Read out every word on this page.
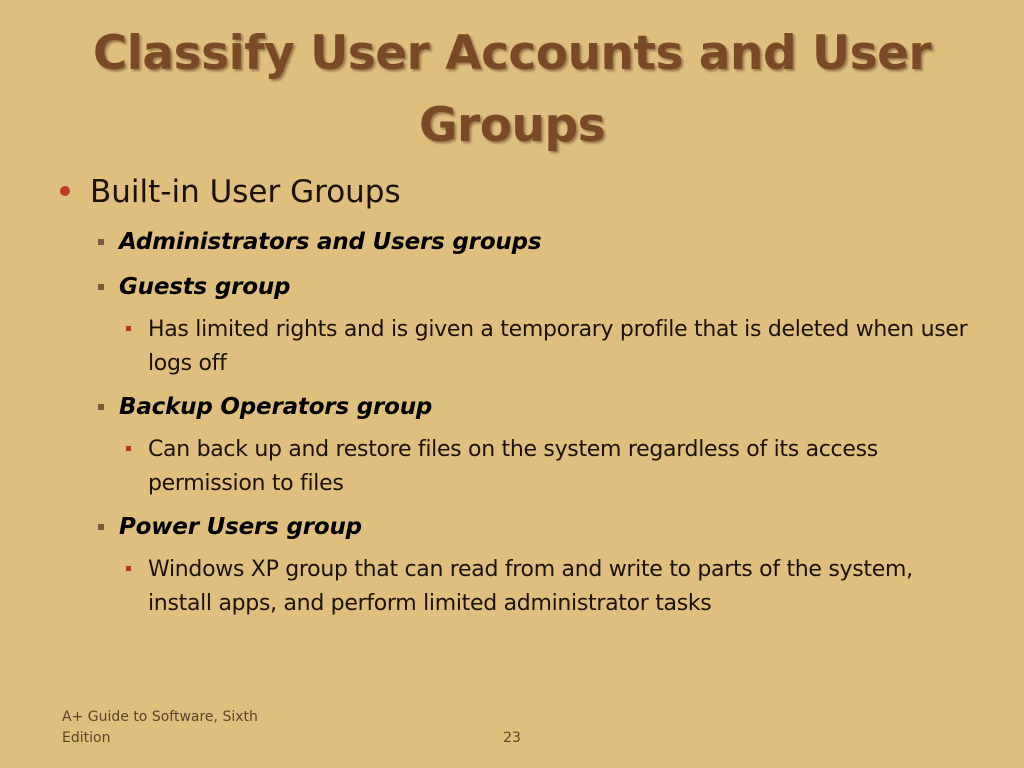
Classify User Accounts and User Groups
Built-in User Groups
Administrators and Users groups
Guests group
Has limited rights and is given a temporary profile that is deleted when user logs off
Backup Operators group
Can back up and restore files on the system regardless of its access permission to files
Power Users group
Windows XP group that can read from and write to parts of the system, install apps, and perform limited administrator tasks
A+ Guide to Software, Sixth Edition	23
